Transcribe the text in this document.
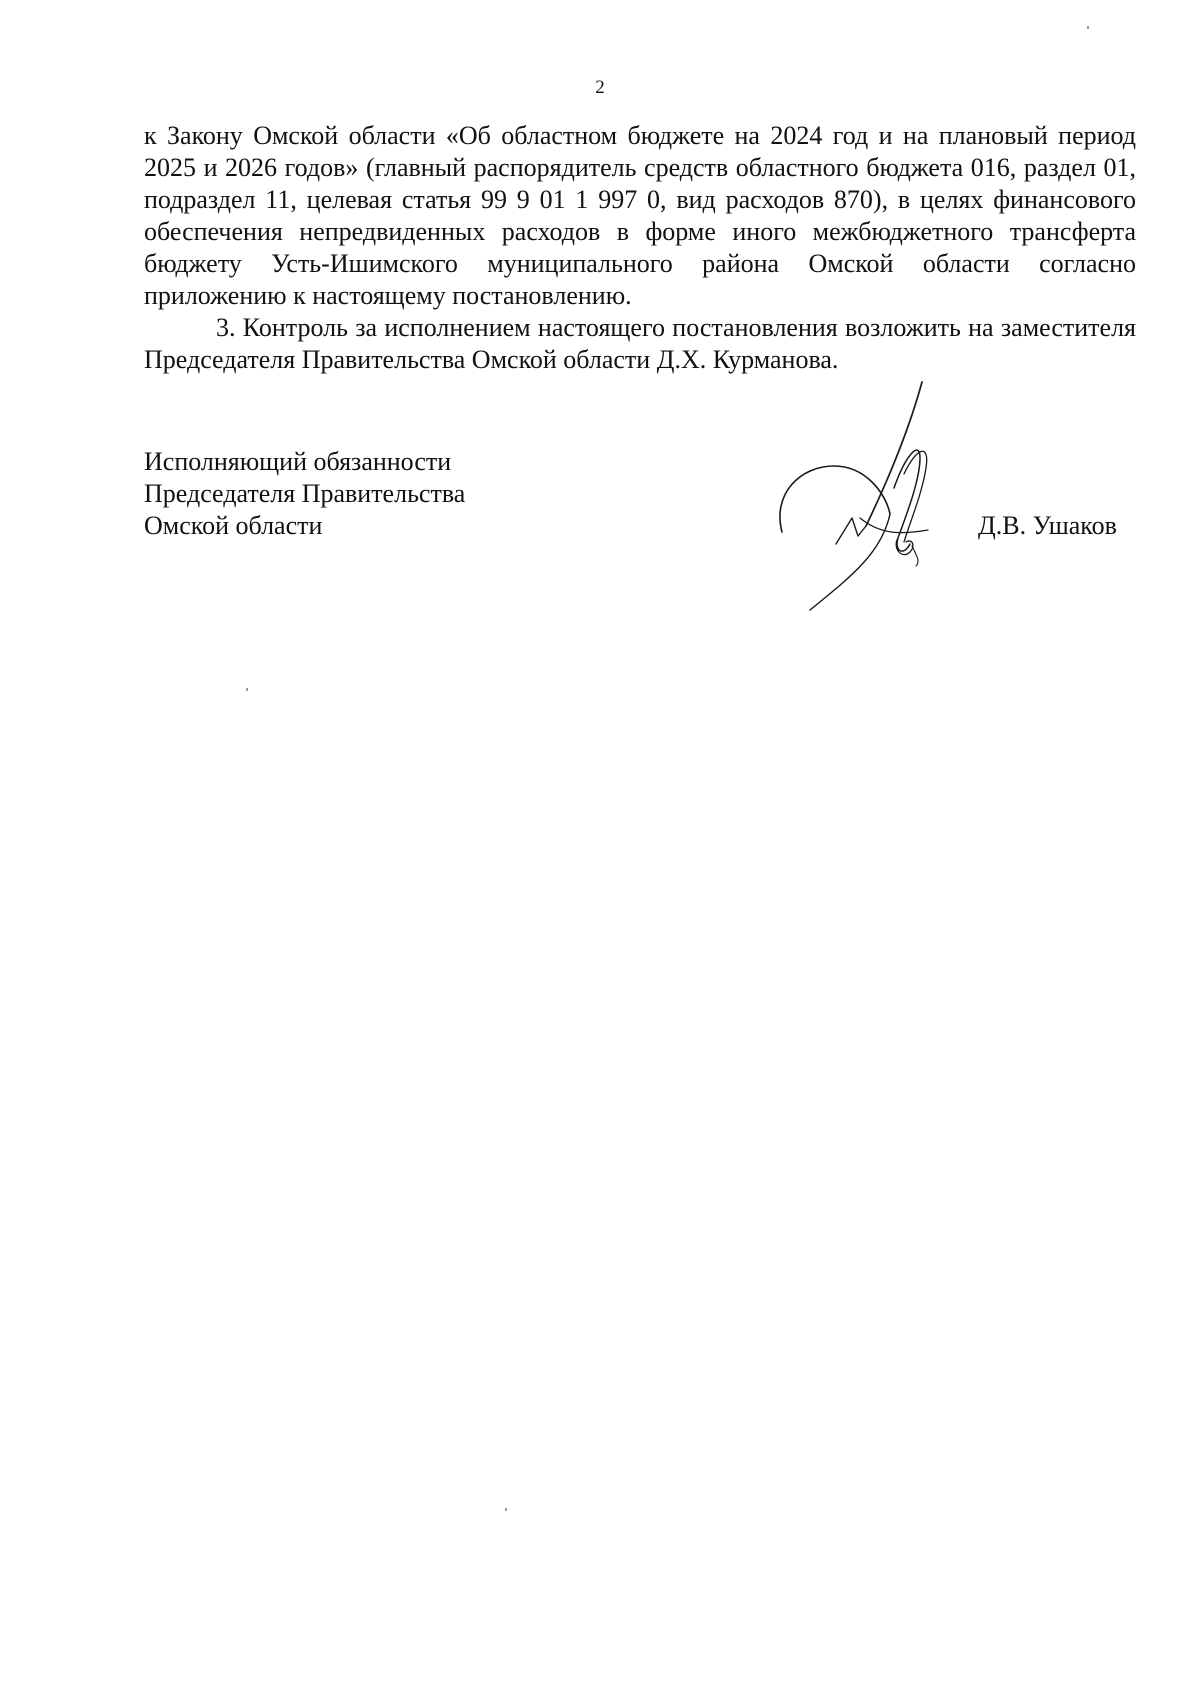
2

к Закону Омской области «Об областном бюджете на 2024 год и на плановый период 2025 и 2026 годов» (главный распорядитель средств областного бюджета 016, раздел 01, подраздел 11, целевая статья 99 9 01 1 997 0, вид расходов 870), в целях финансового обеспечения непредвиденных расходов в форме иного межбюджетного трансферта бюджету Усть-Ишимского муниципального района Омской области согласно приложению к настоящему постановлению.

3. Контроль за исполнением настоящего постановления возложить на заместителя Председателя Правительства Омской области Д.Х. Курманова.

Исполняющий обязанности
Председателя Правительства
Омской области	Д.В. Ушаков
